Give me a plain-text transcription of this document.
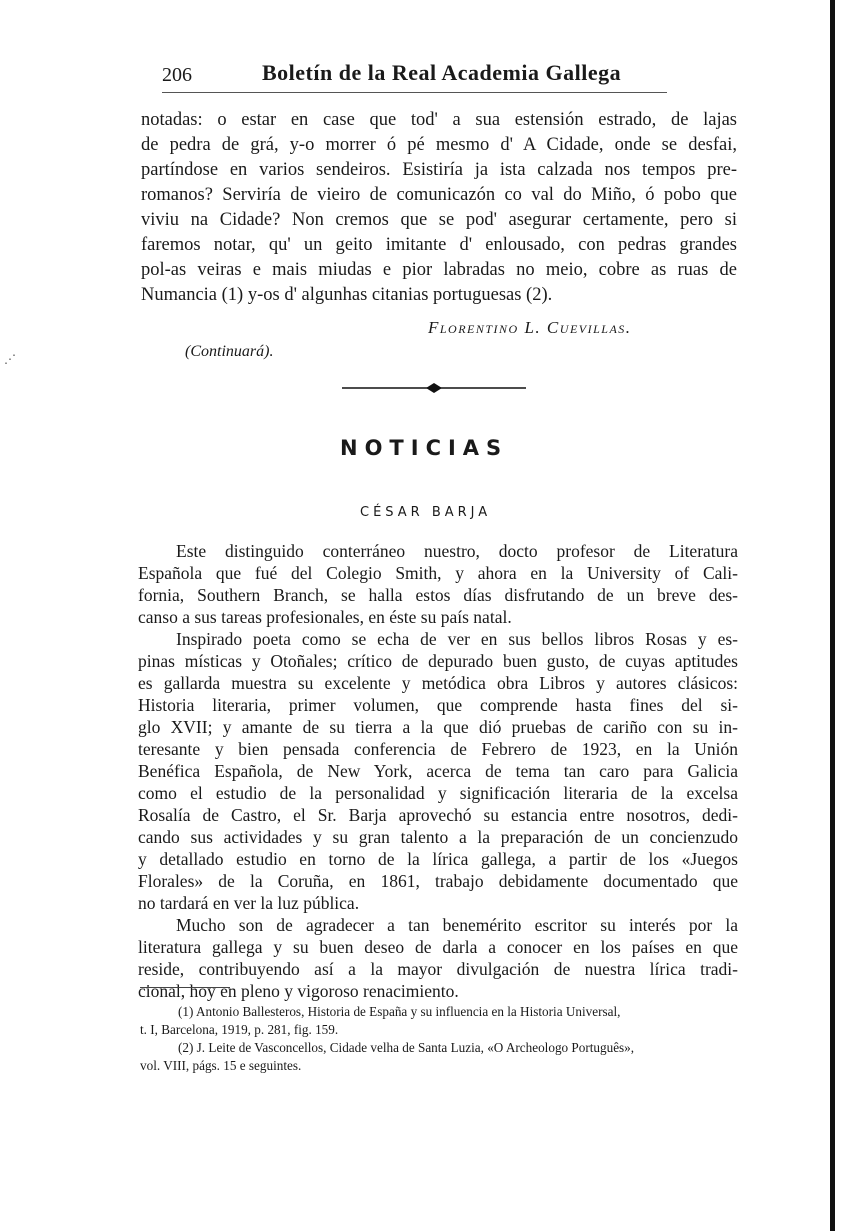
⋰
206	Boletín de la Real Academia Gallega
notadas: o estar en case que tod' a sua estensión estrado, de lajas
de pedra de grá, y-o morrer ó pé mesmo d' A Cidade, onde se desfai,
partíndose en varios sendeiros. Esistiría ja ista calzada nos tempos pre-
romanos? Serviría de vieiro de comunicazón co val do Miño, ó pobo que
viviu na Cidade? Non cremos que se pod' asegurar certamente, pero si
faremos notar, qu' un geito imitante d' enlousado, con pedras grandes
pol-as veiras e mais miudas e pior labradas no meio, cobre as ruas de
Numancia (1) y-os d' algunhas citanias portuguesas (2).
Florentino L. Cuevillas.
(Continuará).
NOTICIAS
CÉSAR BARJA
Este distinguido conterráneo nuestro, docto profesor de Literatura
Española que fué del Colegio Smith, y ahora en la University of Cali-
fornia, Southern Branch, se halla estos días disfrutando de un breve des-
canso a sus tareas profesionales, en éste su país natal.
Inspirado poeta como se echa de ver en sus bellos libros Rosas y es-
pinas místicas y Otoñales; crítico de depurado buen gusto, de cuyas aptitudes
es gallarda muestra su excelente y metódica obra Libros y autores clásicos:
Historia literaria, primer volumen, que comprende hasta fines del si-
glo XVII; y amante de su tierra a la que dió pruebas de cariño con su in-
teresante y bien pensada conferencia de Febrero de 1923, en la Unión
Benéfica Española, de New York, acerca de tema tan caro para Galicia
como el estudio de la personalidad y significación literaria de la excelsa
Rosalía de Castro, el Sr. Barja aprovechó su estancia entre nosotros, dedi-
cando sus actividades y su gran talento a la preparación de un concienzudo
y detallado estudio en torno de la lírica gallega, a partir de los «Juegos
Florales» de la Coruña, en 1861, trabajo debidamente documentado que
no tardará en ver la luz pública.
Mucho son de agradecer a tan benemérito escritor su interés por la
literatura gallega y su buen deseo de darla a conocer en los países en que
reside, contribuyendo así a la mayor divulgación de nuestra lírica tradi-
cional, hoy en pleno y vigoroso renacimiento.
(1) Antonio Ballesteros, Historia de España y su influencia en la Historia Universal,
t. I, Barcelona, 1919, p. 281, fig. 159.
(2) J. Leite de Vasconcellos, Cidade velha de Santa Luzia, «O Archeologo Português»,
vol. VIII, págs. 15 e seguintes.
